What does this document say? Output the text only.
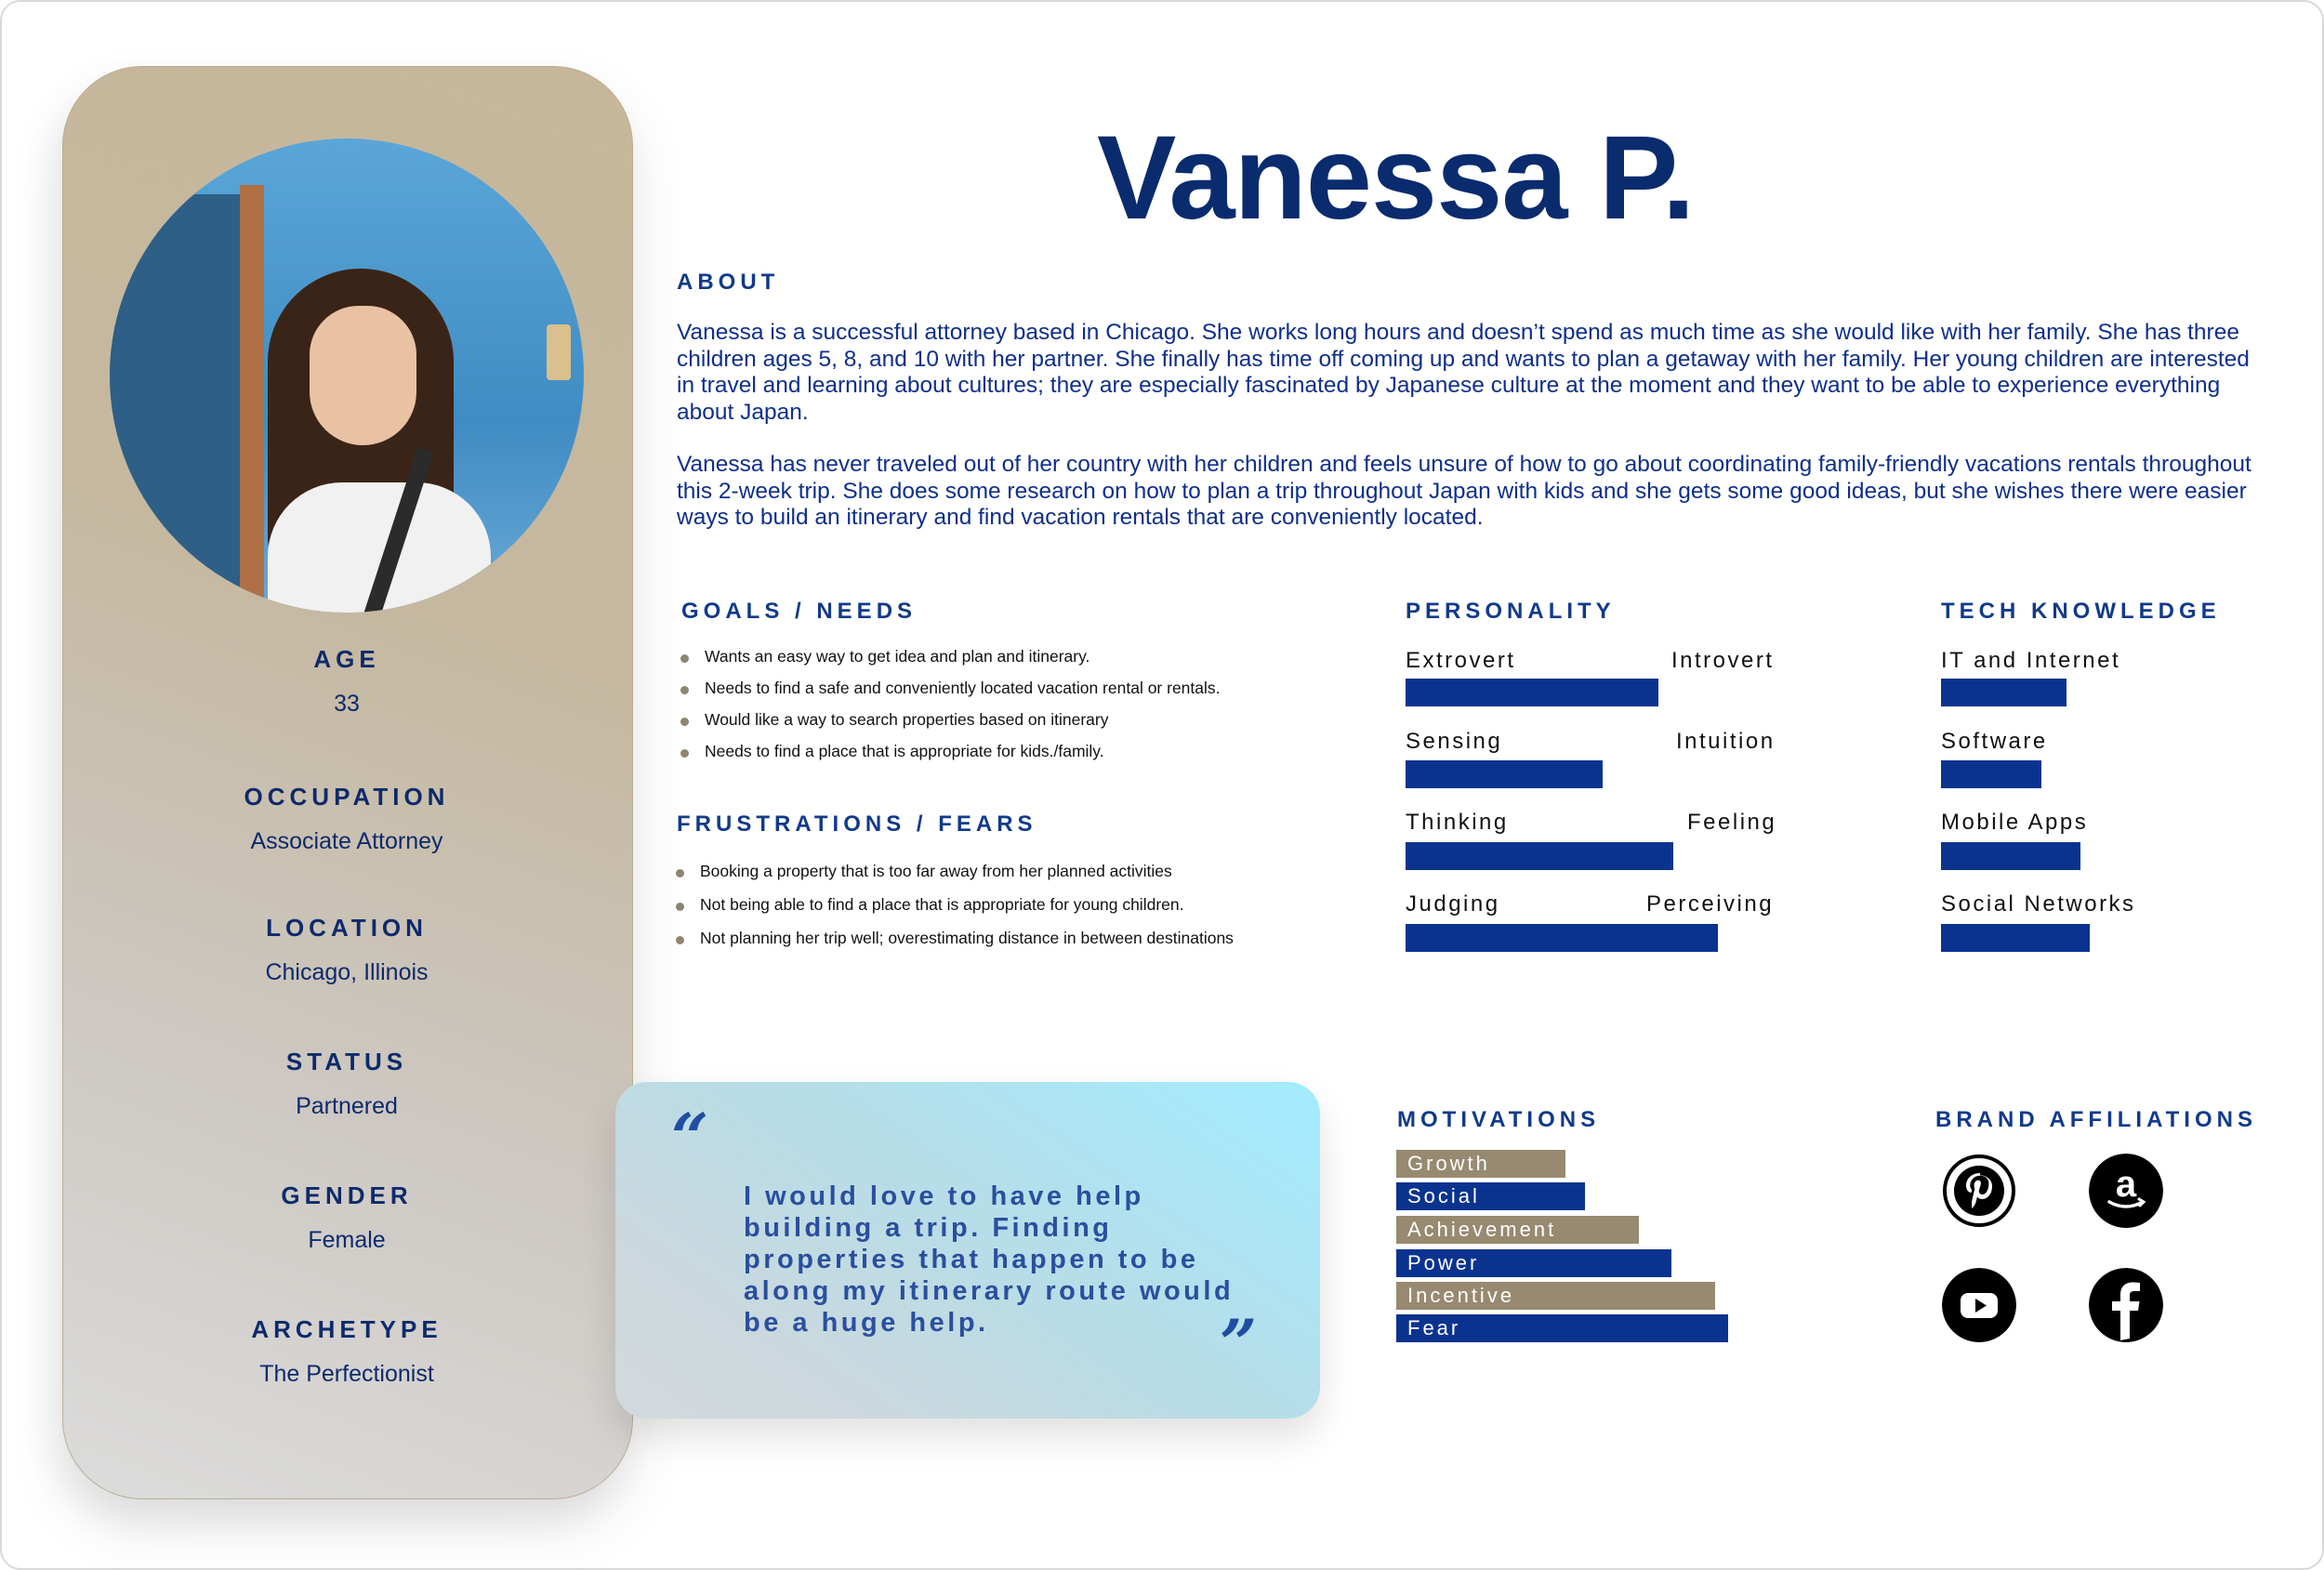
AGE
33
OCCUPATION
Associate Attorney
LOCATION
Chicago, Illinois
STATUS
Partnered
GENDER
Female
ARCHETYPE
The Perfectionist
Vanessa P.
ABOUT
Vanessa is a successful attorney based in Chicago. She works long hours and doesn’t spend as much time as she would like with her family. She has three children ages 5, 8, and 10 with her partner. She finally has time off coming up and wants to plan a getaway with her family. Her young children are interested in travel and learning about cultures; they are especially fascinated by Japanese culture at the moment and they want to be able to experience everything about Japan.
Vanessa has never traveled out of her country with her children and feels unsure of how to go about coordinating family-friendly vacations rentals throughout this 2-week trip. She does some research on how to plan a trip throughout Japan with kids and she gets some good ideas, but she wishes there were easier ways to build an itinerary and find vacation rentals that are conveniently located.
GOALS / NEEDS
Wants an easy way to get idea and plan and itinerary.
Needs to find a safe and conveniently located vacation rental or rentals.
Would like a way to search properties based on itinerary
Needs to find a place that is appropriate for kids./family.
FRUSTRATIONS / FEARS
Booking a property that is too far away from her planned activities
Not being able to find a place that is appropriate for young children.
Not planning her trip well; overestimating distance in between destinations
PERSONALITY
Extrovert	Introvert
Sensing	Intuition
Thinking	Feeling
Judging	Perceiving
TECH KNOWLEDGE
IT and Internet
Software
Mobile Apps
Social Networks
“
I would love to have help building a trip. Finding properties that happen to be along my itinerary route would be a huge help.	”
MOTIVATIONS
Growth
Social
Achievement
Power
Incentive
Fear
BRAND AFFILIATIONS
a
